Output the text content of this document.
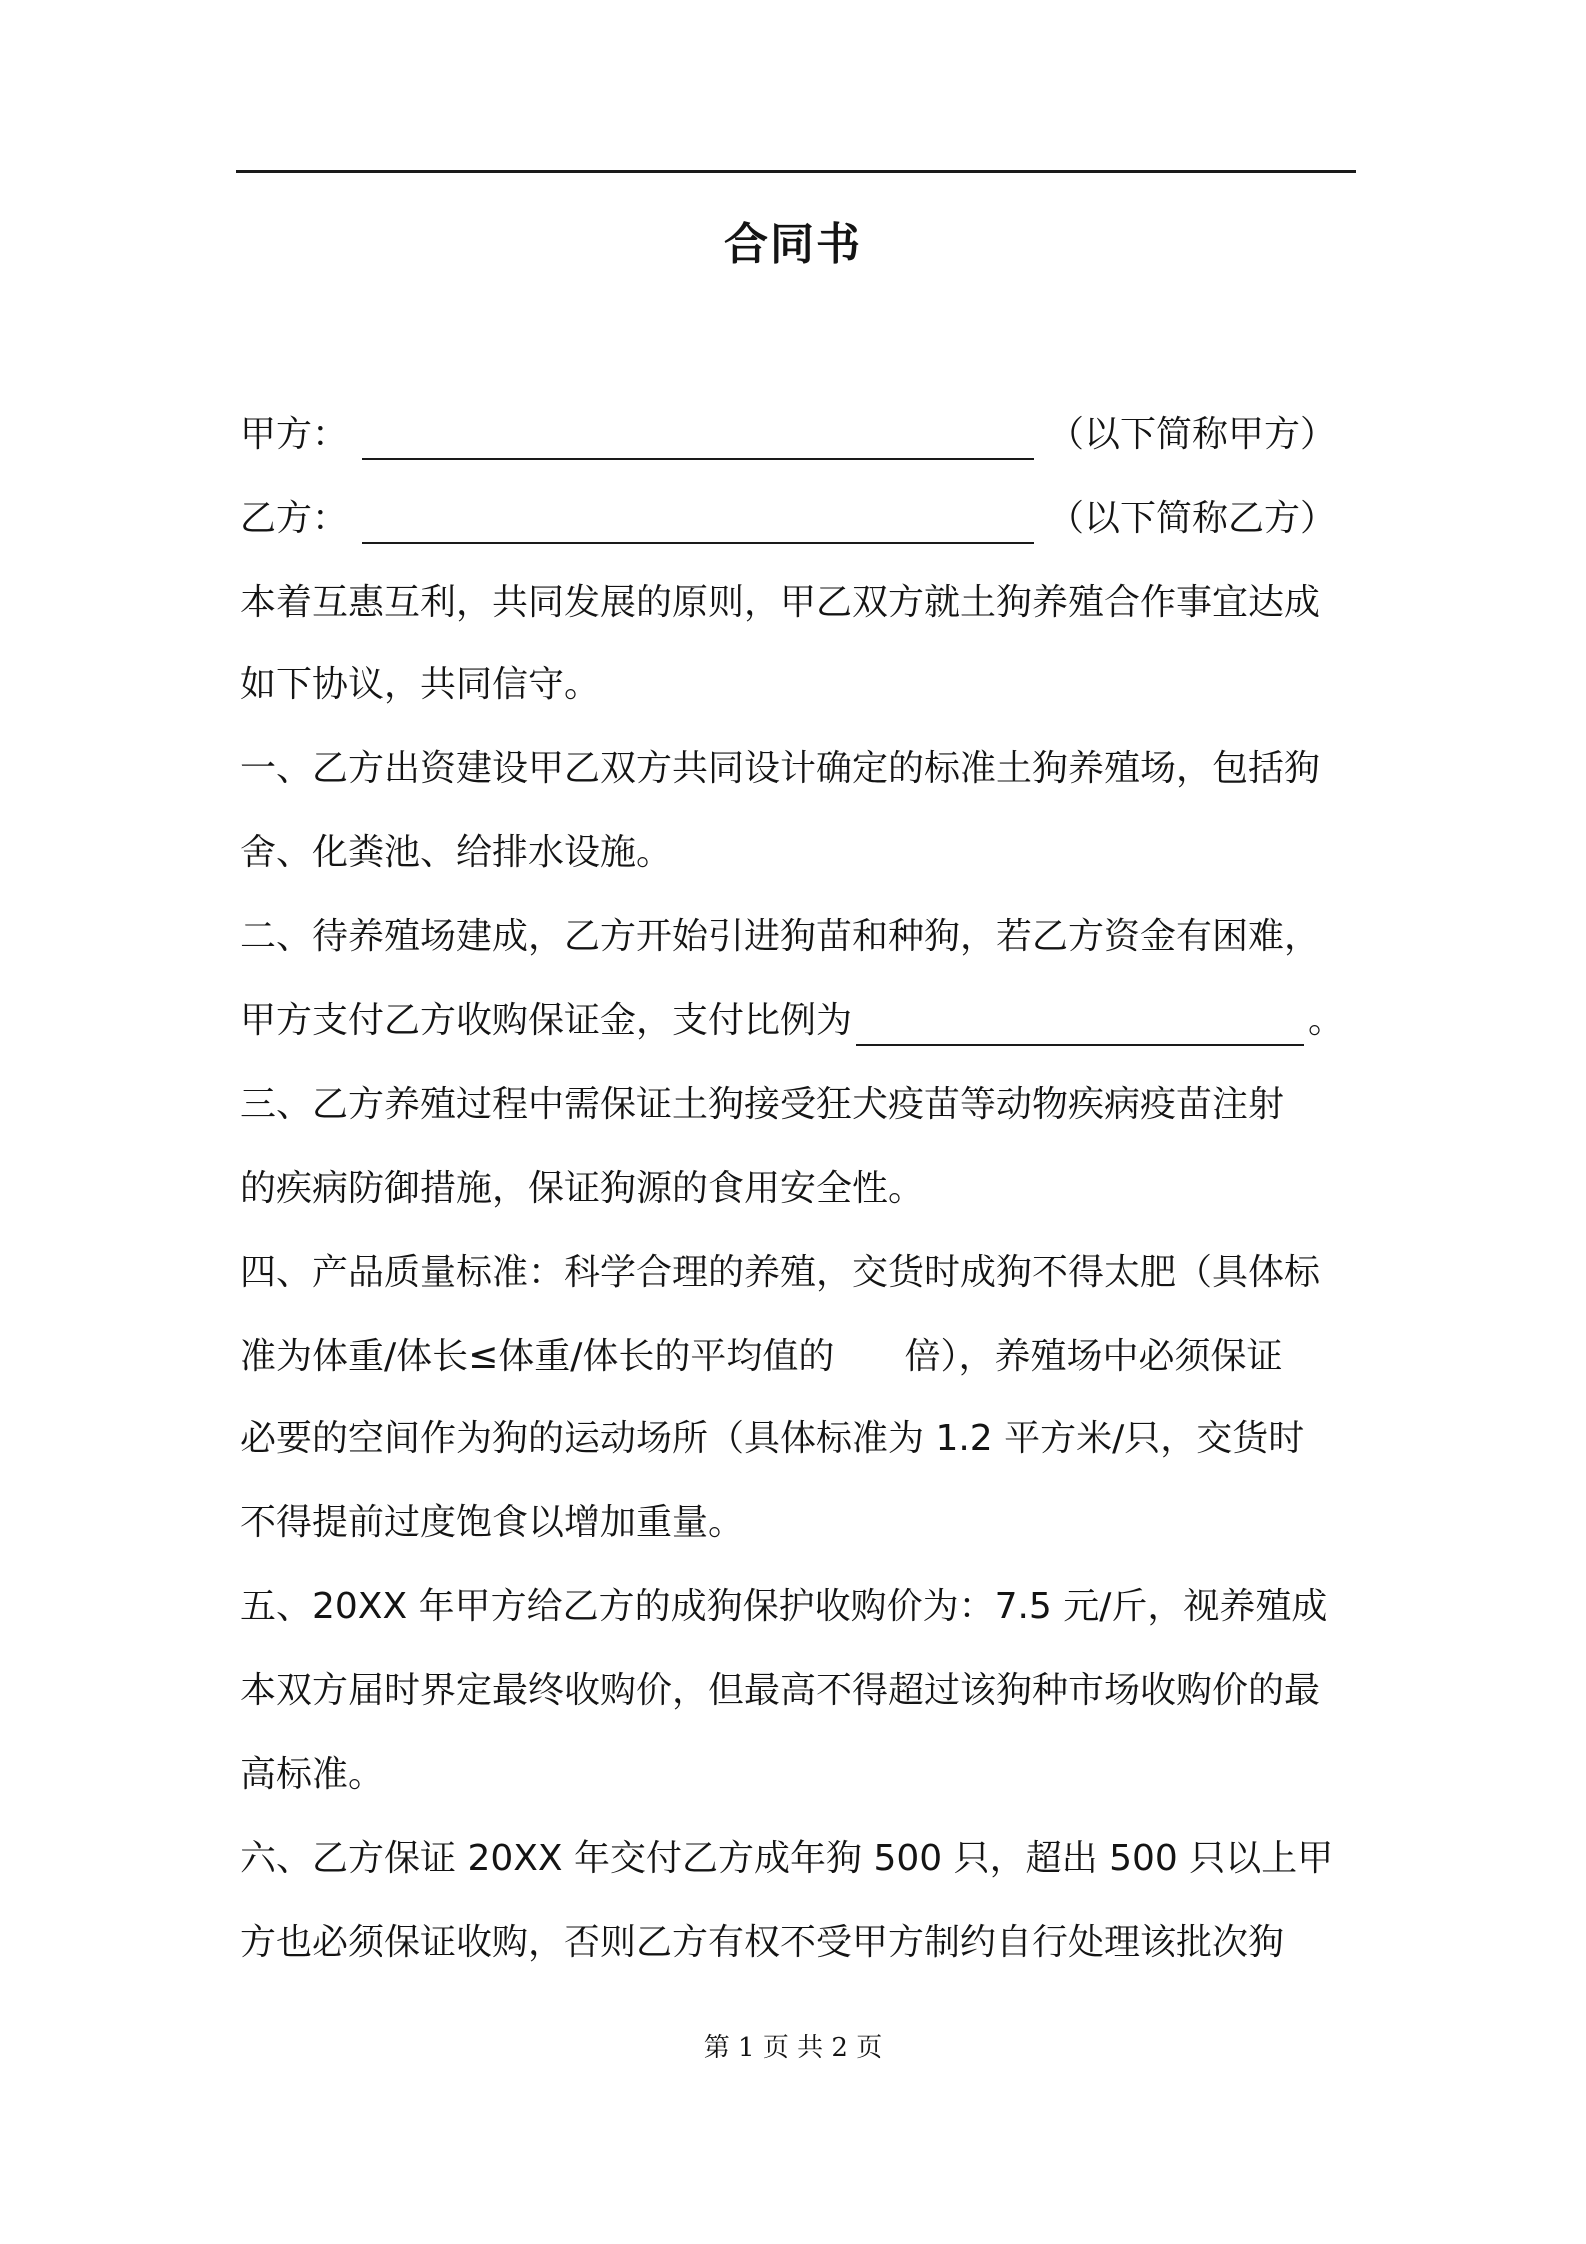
合同书
甲方：	（以下简称甲方）
乙方：	（以下简称乙方）
本着互惠互利，共同发展的原则，甲乙双方就土狗养殖合作事宜达成
如下协议，共同信守。
一、乙方出资建设甲乙双方共同设计确定的标准土狗养殖场，包括狗
舍、化粪池、给排水设施。
二、待养殖场建成，乙方开始引进狗苗和种狗，若乙方资金有困难，
甲方支付乙方收购保证金，支付比例为	。
三、乙方养殖过程中需保证土狗接受狂犬疫苗等动物疾病疫苗注射
的疾病防御措施，保证狗源的食用安全性。
四、产品质量标准：科学合理的养殖，交货时成狗不得太肥（具体标
准为体重/体长≤体重/体长的平均值的 倍），养殖场中必须保证
必要的空间作为狗的运动场所（具体标准为 1.2 平方米/只，交货时
不得提前过度饱食以增加重量。
五、20XX 年甲方给乙方的成狗保护收购价为：7.5 元/斤，视养殖成
本双方届时界定最终收购价，但最高不得超过该狗种市场收购价的最
高标准。
六、乙方保证 20XX 年交付乙方成年狗 500 只，超出 500 只以上甲
方也必须保证收购，否则乙方有权不受甲方制约自行处理该批次狗
第 1 页 共 2 页
